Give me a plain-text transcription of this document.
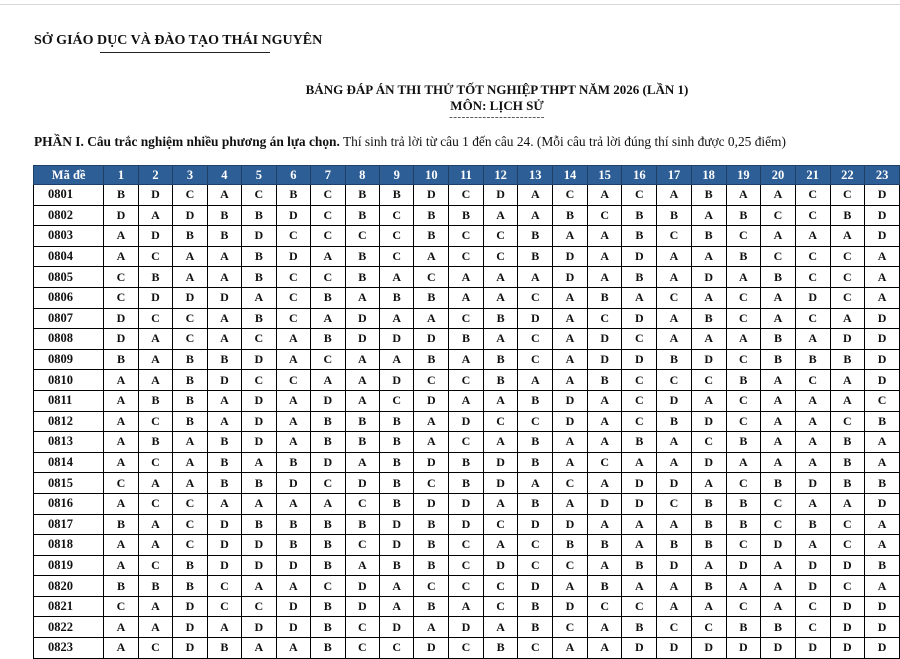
SỞ GIÁO DỤC VÀ ĐÀO TẠO THÁI NGUYÊN
BẢNG ĐÁP ÁN THI THỬ TỐT NGHIỆP THPT NĂM 2026 (LẦN 1)
MÔN: LỊCH SỬ
-----------------------
PHẦN I. Câu trắc nghiệm nhiều phương án lựa chọn. Thí sinh trả lời từ câu 1 đến câu 24. (Mỗi câu trả lời đúng thí sinh được 0,25 điểm)
Mã đề	1	2	3	4	5	6	7	8	9	10	11	12	13	14	15	16	17	18	19	20	21	22	23
0801	B	D	C	A	C	B	C	B	B	D	C	D	A	C	A	C	A	B	A	A	C	C	D
0802	D	A	D	B	B	D	C	B	C	B	B	A	A	B	C	B	B	A	B	C	C	B	D
0803	A	D	B	B	D	C	C	C	C	B	C	C	B	A	A	B	C	B	C	A	A	A	D
0804	A	C	A	A	B	D	A	B	C	A	C	C	B	D	A	D	A	A	B	C	C	C	A
0805	C	B	A	A	B	C	C	B	A	C	A	A	A	D	A	B	A	D	A	B	C	C	A
0806	C	D	D	D	A	C	B	A	B	B	A	A	C	A	B	A	C	A	C	A	D	C	A
0807	D	C	C	A	B	C	A	D	A	A	C	B	D	A	C	D	A	B	C	A	C	A	D
0808	D	A	C	A	C	A	B	D	D	D	B	A	C	A	D	C	A	A	A	B	A	D	D
0809	B	A	B	B	D	A	C	A	A	B	A	B	C	A	D	D	B	D	C	B	B	B	D
0810	A	A	B	D	C	C	A	A	D	C	C	B	A	A	B	C	C	C	B	A	C	A	D
0811	A	B	B	A	D	A	D	A	C	D	A	A	B	D	A	C	D	A	C	A	A	A	C
0812	A	C	B	A	D	A	B	B	B	A	D	C	C	D	A	C	B	D	C	A	A	C	B
0813	A	B	A	B	D	A	B	B	B	A	C	A	B	A	A	B	A	C	B	A	A	B	A
0814	A	C	A	B	A	B	D	A	B	D	B	D	B	A	C	A	A	D	A	A	A	B	A
0815	C	A	A	B	B	D	C	D	B	C	B	D	A	C	A	D	D	A	C	B	D	B	B
0816	A	C	C	A	A	A	A	C	B	D	D	A	B	A	D	D	C	B	B	C	A	A	D
0817	B	A	C	D	B	B	B	B	D	B	D	C	D	D	A	A	A	B	B	C	B	C	A
0818	A	A	C	D	D	B	B	C	D	B	C	A	C	B	B	A	B	B	C	D	A	C	A
0819	A	C	B	D	D	D	B	A	B	B	C	D	C	C	A	B	D	A	D	A	D	D	B
0820	B	B	B	C	A	A	C	D	A	C	C	C	D	A	B	A	A	B	A	A	D	C	A
0821	C	A	D	C	C	D	B	D	A	B	A	C	B	D	C	C	A	A	C	A	C	D	D
0822	A	A	D	A	D	D	B	C	D	A	D	A	B	C	A	B	C	C	B	B	C	D	D
0823	A	C	D	B	A	A	B	C	C	D	C	B	C	A	A	D	D	D	D	D	D	D	D
